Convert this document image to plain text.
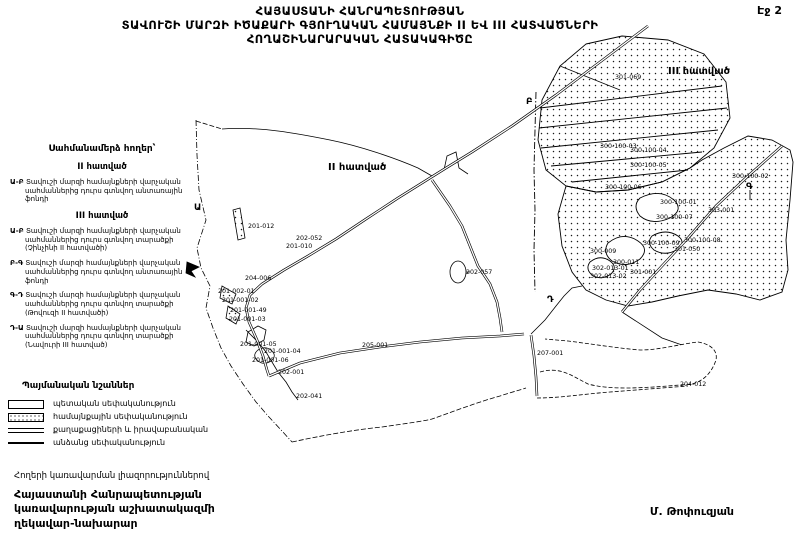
Էջ 2
ՀԱՅԱՍՏԱՆԻ ՀԱՆՐԱՊԵՏՈՒԹՅԱՆ
ՏԱՎՈՒՇԻ ՄԱՐԶԻ ԻԾԱՔԱՐԻ ԳՅՈՒՂԱԿԱՆ ՀԱՄԱՅՆՔԻ II ԵՎ III ՀԱՏՎԱԾՆԵՐԻ
ՀՈՂԱՇԻՆԱՐԱՐԱԿԱՆ ՀԱՏԱԿԱԳԻԾԸ
Սահմանամերձ հողեր՝
II հատված
Ա-Բ Տավուշի մարզի համայնքների վարչական սահմաններից դուրս գտնվող անտառային ֆոնդի
III հատված
Ա-Բ Տավուշի մարզի համայնքների վարչական սահմաններից դուրս գտնվող տարածքի (Չինչինի II հատվածի)
Բ-Գ Տավուշի մարզի համայնքների վարչական սահմաններից դուրս գտնվող անտառային ֆոնդի
Գ-Դ Տավուշի մարզի համայնքների վարչական սահմաններից դուրս գտնվող տարածքի (Թովուզի II հատվածի)
Դ-Ա Տավուշի մարզի համայնքների վարչական սահմաններից դուրս գտնվող տարածքի (Նավուրի III հատված)
Պայմանական նշաններ
պետական սեփականություն
համայնքային սեփականություն
քաղաքացիների և իրավաբանական
անձանց սեփականություն
Հողերի կառավարման լիազորություններով
Հայաստանի Հանրապետության կառավարության աշխատակազմի ղեկավար-նախարար
Մ. Թոփուզյան
301-069
300-100-02
300-100-03
300-100-04
300-100-05
300-100-06
300-100-01
300-100-07
303-001
300-100-08
300-100-09
301-050
300-009
300-011
302-013-01
302-013-02
301-001
201-012
202-052
201-010
204-006
201-002-01
201-001-02
201-001-49
201-001-03
201-001-05
201-001-04
201-001-06
202-001
202-041
205-001
202-057
207-001
204-012
Ա
Բ
Գ
Դ
II հատված
III հատված
